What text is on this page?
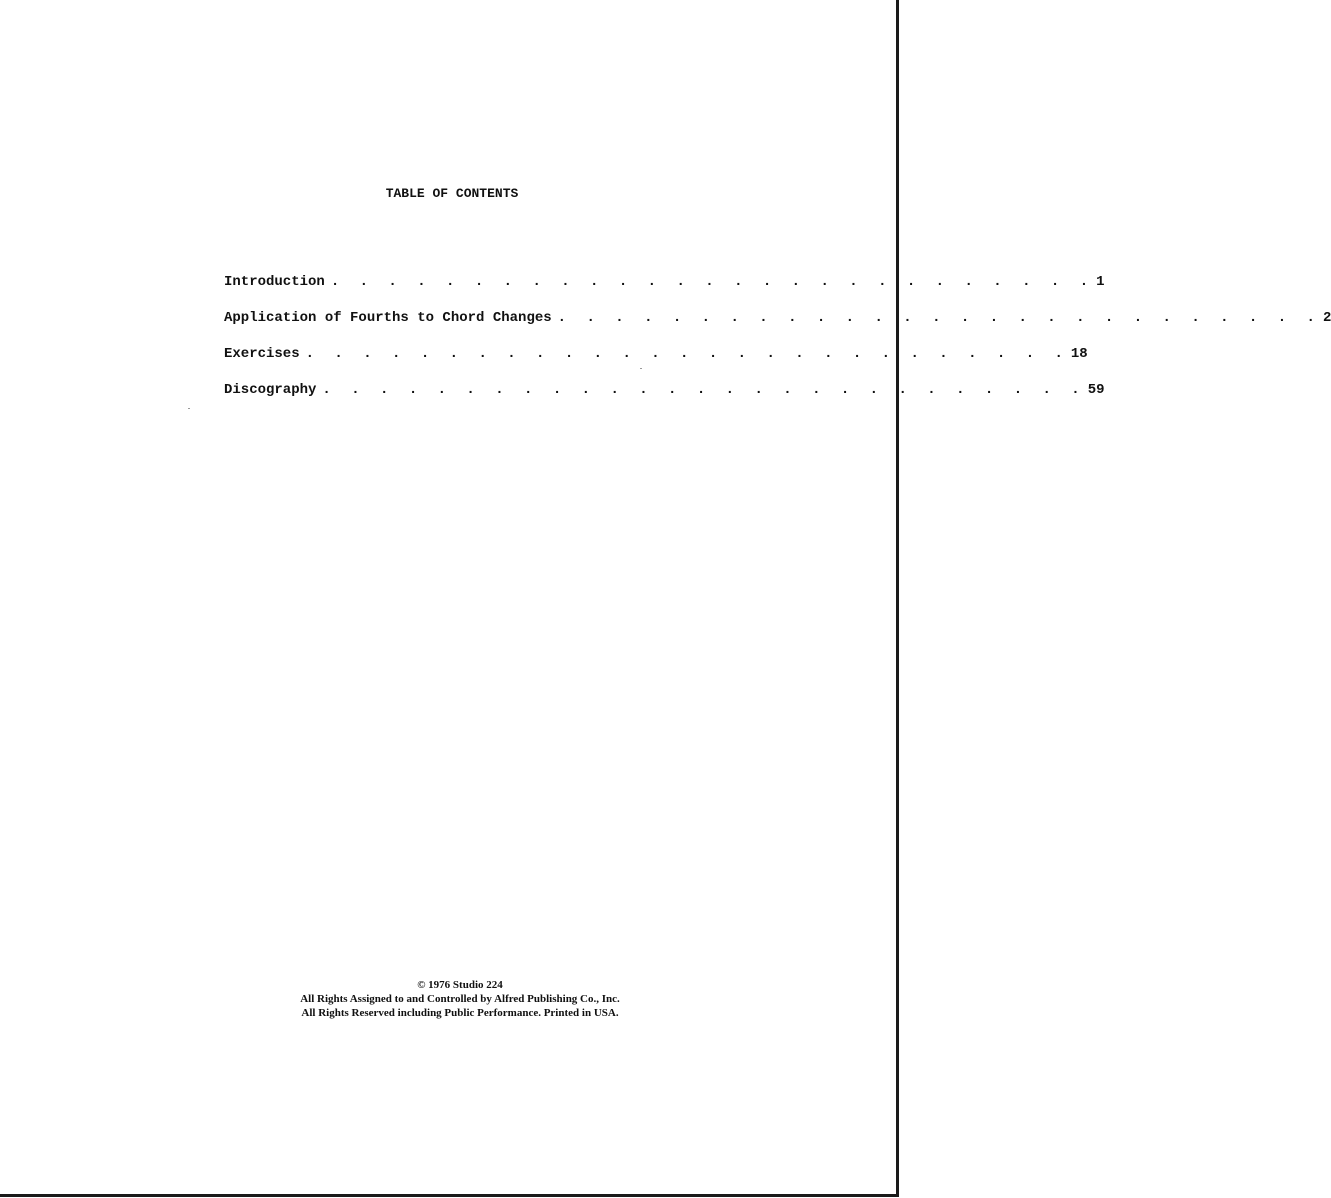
TABLE OF CONTENTS
Introduction . . . . . . . . . . . . . . . . . . . . . . . . . . . 1
Application of Fourths to Chord Changes . . . . . . . . . . . . . . . . . . . . . . . . . . . 2
Exercises . . . . . . . . . . . . . . . . . . . . . . . . . . . 18
Discography . . . . . . . . . . . . . . . . . . . . . . . . . . . 59
© 1976 Studio 224
All Rights Assigned to and Controlled by Alfred Publishing Co., Inc.
All Rights Reserved including Public Performance. Printed in USA.
